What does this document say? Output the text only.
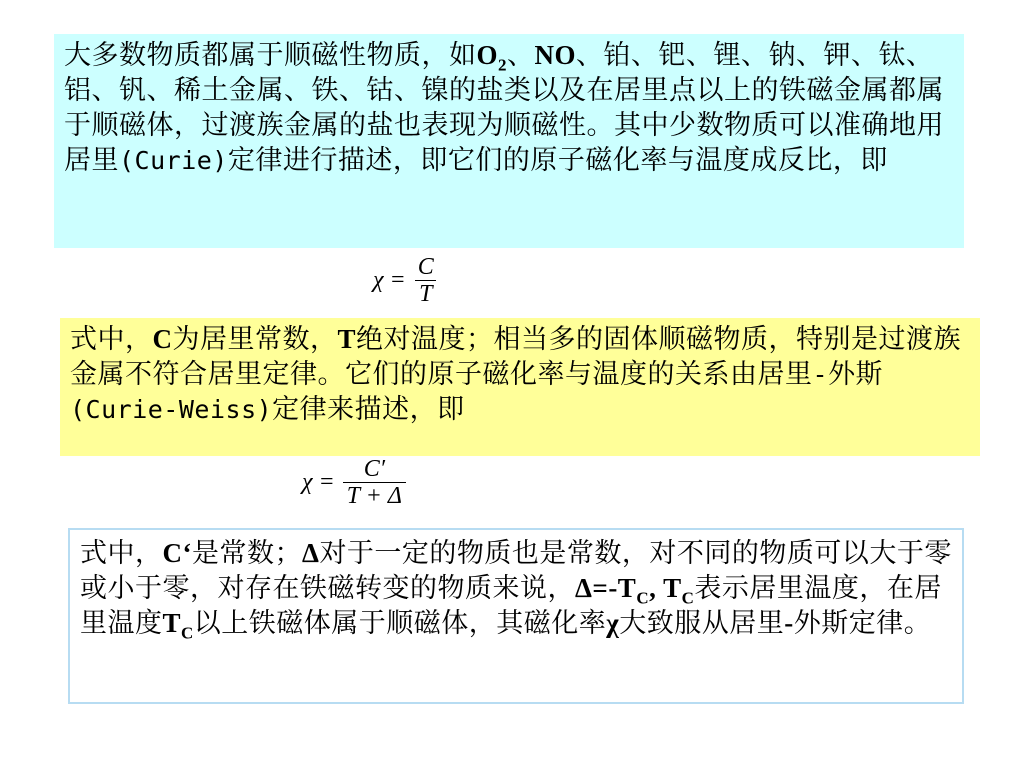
大多数物质都属于顺磁性物质，如$O_2$、NO、铂、钯、锂、钠、钾、钛、铝、钒、稀土金属、铁、钴、镍的盐类以及在居里点以上的铁磁金属都属于顺磁体，过渡族金属的盐也表现为顺磁性。其中少数物质可以准确地用居里(Curie)定律进行描述，即它们的原子磁化率与温度成反比，即
$\chi = \frac{C}{T}$
式中，C为居里常数，T绝对温度；相当多的固体顺磁物质，特别是过渡族金属不符合居里定律。它们的原子磁化率与温度的关系由居里-外斯(Curie-Weiss)定律来描述，即
$\chi = \frac{C'}{T + \Delta}$
式中，C‘是常数；Δ对于一定的物质也是常数，对不同的物质可以大于零或小于零，对存在铁磁转变的物质来说，$\Delta=-T_C$, $T_C$表示居里温度，在居里温度$T_C$以上铁磁体属于顺磁体，其磁化率χ大致服从居里-外斯定律。
